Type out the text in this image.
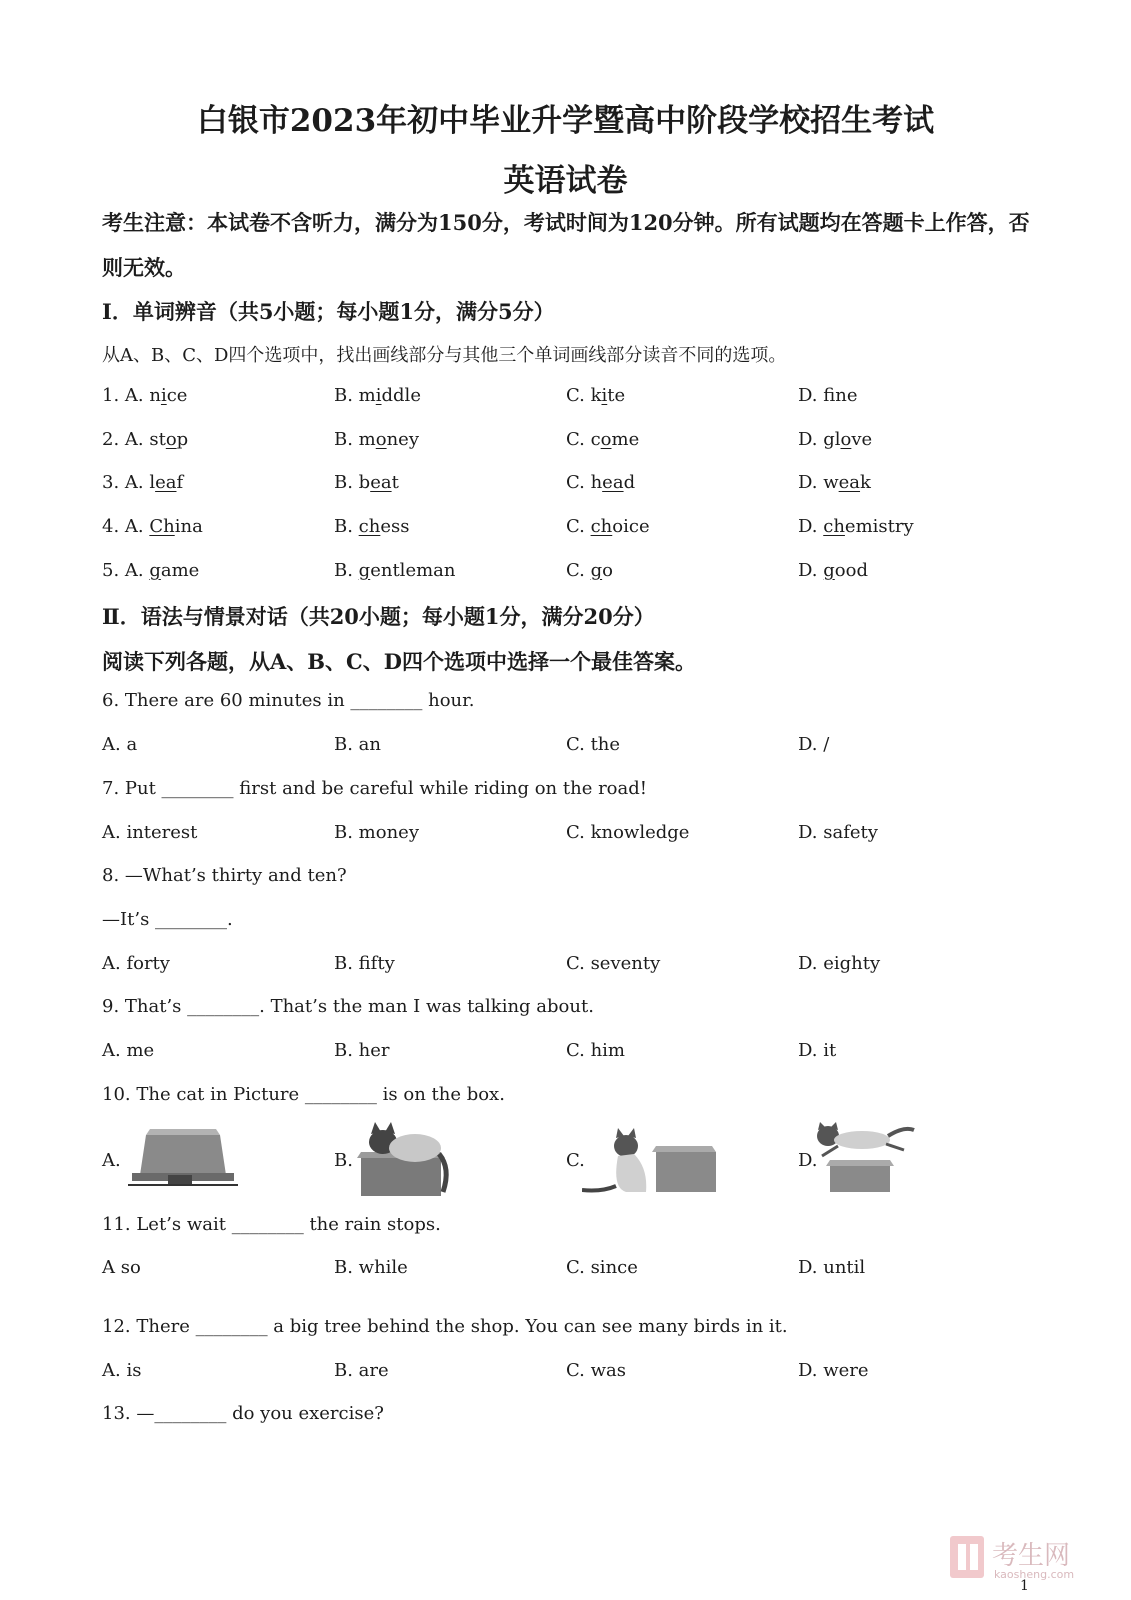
白银市2023年初中毕业升学暨高中阶段学校招生考试
英语试卷
考生注意：本试卷不含听力，满分为150分，考试时间为120分钟。所有试题均在答题卡上作答，否则无效。
Ⅰ．单词辨音（共5小题；每小题1分，满分5分）
从A、B、C、D四个选项中，找出画线部分与其他三个单词画线部分读音不同的选项。
1. A. nice	B. middle	C. kite	D. fne
2. A. stop	B. money	C. come	D. glove
3. A. leaf	B. beat	C. head	D. weak
4. A. China	B. chess	C. choice	D. chemistry
5. A. game	B. gentleman	C. go	D. good
Ⅱ．语法与情景对话（共20小题；每小题1分，满分20分）
阅读下列各题，从A、B、C、D四个选项中选择一个最佳答案。
6. There are 60 minutes in ________ hour.
A. a	B. an	C. the	D. /
7. Put ________ first and be careful while riding on the road!
A. interest	B. money	C. knowledge	D. safety
8. —What’s thirty and ten?
—It’s ________.
A. forty	B. fifty	C. seventy	D. eighty
9. That’s ________. That’s the man I was talking about.
A. me	B. her	C. him	D. it
10. The cat in Picture ________ is on the box.
A.	B.	C.	D.
11. Let’s wait ________ the rain stops.
A so	B. while	C. since	D. until
12. There ________ a big tree behind the shop. You can see many birds in it.
A. is	B. are	C. was	D. were
13. —________ do you exercise?
考生网
kaosheng.com
1
